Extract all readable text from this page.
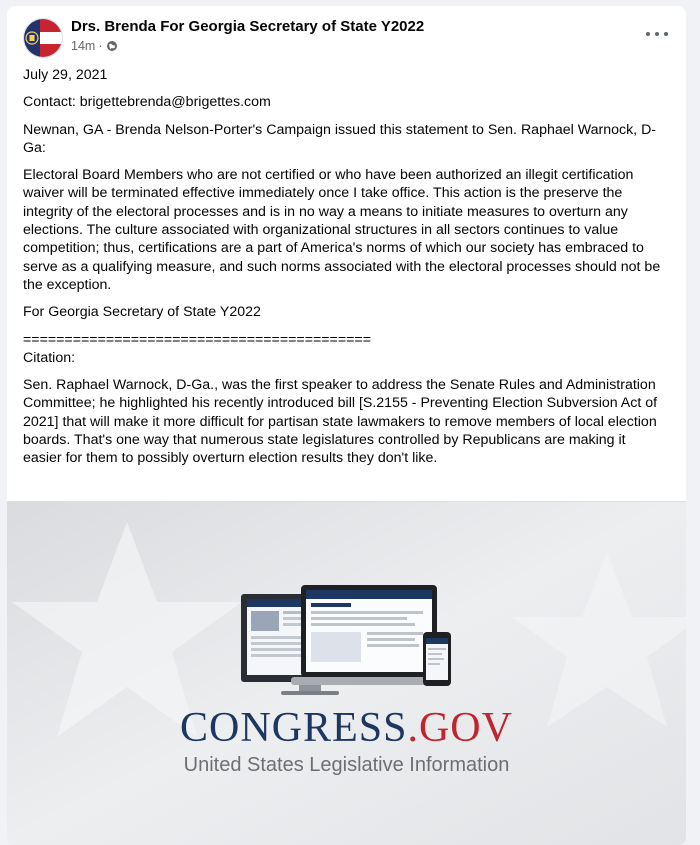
Drs. Brenda For Georgia Secretary of State Y2022
14m ·

July 29, 2021

Contact: brigettebrenda@brigettes.com

Newnan, GA - Brenda Nelson-Porter's Campaign issued this statement to Sen. Raphael Warnock, D-Ga:

Electoral Board Members who are not certified or who have been authorized an illegit certification waiver will be terminated effective immediately once I take office. This action is the preserve the integrity of the electoral processes and is in no way a means to initiate measures to overturn any elections. The culture associated with organizational structures in all sectors continues to value competition; thus, certifications are a part of America's norms of which our society has embraced to serve as a qualifying measure, and such norms associated with the electoral processes should not be the exception.

For Georgia Secretary of State Y2022

==========================================

Citation:

Sen. Raphael Warnock, D-Ga., was the first speaker to address the Senate Rules and Administration Committee; he highlighted his recently introduced bill [S.2155 - Preventing Election Subversion Act of 2021] that will make it more difficult for partisan state lawmakers to remove members of local election boards. That's one way that numerous state legislatures controlled by Republicans are making it easier for them to possibly overturn election results they don't like.

CONGRESS.GOV
United States Legislative Information
